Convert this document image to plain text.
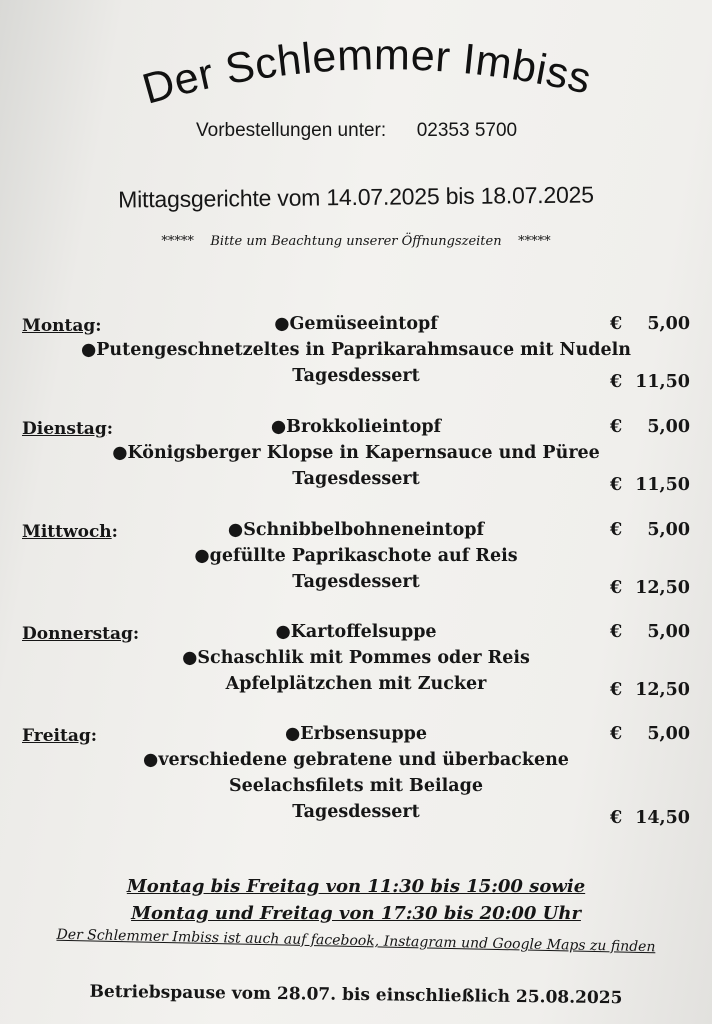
Der Schlemmer Imbiss
Vorbestellungen unter: 02353 5700
Mittagsgerichte vom 14.07.2025 bis 18.07.2025
***** Bitte um Beachtung unserer Öffnungszeiten *****
Montag:	●Gemüseeintopf	€ 5,00
●Putengeschnetzeltes in Paprikarahmsauce mit Nudeln
Tagesdessert	€ 11,50
Dienstag:	●Brokkolieintopf	€ 5,00
●Königsberger Klopse in Kapernsauce und Püree
Tagesdessert	€ 11,50
Mittwoch:	●Schnibbelbohneneintopf	€ 5,00
●gefüllte Paprikaschote auf Reis
Tagesdessert	€ 12,50
Donnerstag:	●Kartoffelsuppe	€ 5,00
●Schaschlik mit Pommes oder Reis
Apfelplätzchen mit Zucker	€ 12,50
Freitag:	●Erbsensuppe	€ 5,00
●verschiedene gebratene und überbackene
Seelachsfilets mit Beilage
Tagesdessert	€ 14,50
Montag bis Freitag von 11:30 bis 15:00 sowie
Montag und Freitag von 17:30 bis 20:00 Uhr
Der Schlemmer Imbiss ist auch auf facebook, Instagram und Google Maps zu finden
Betriebspause vom 28.07. bis einschließlich 25.08.2025
